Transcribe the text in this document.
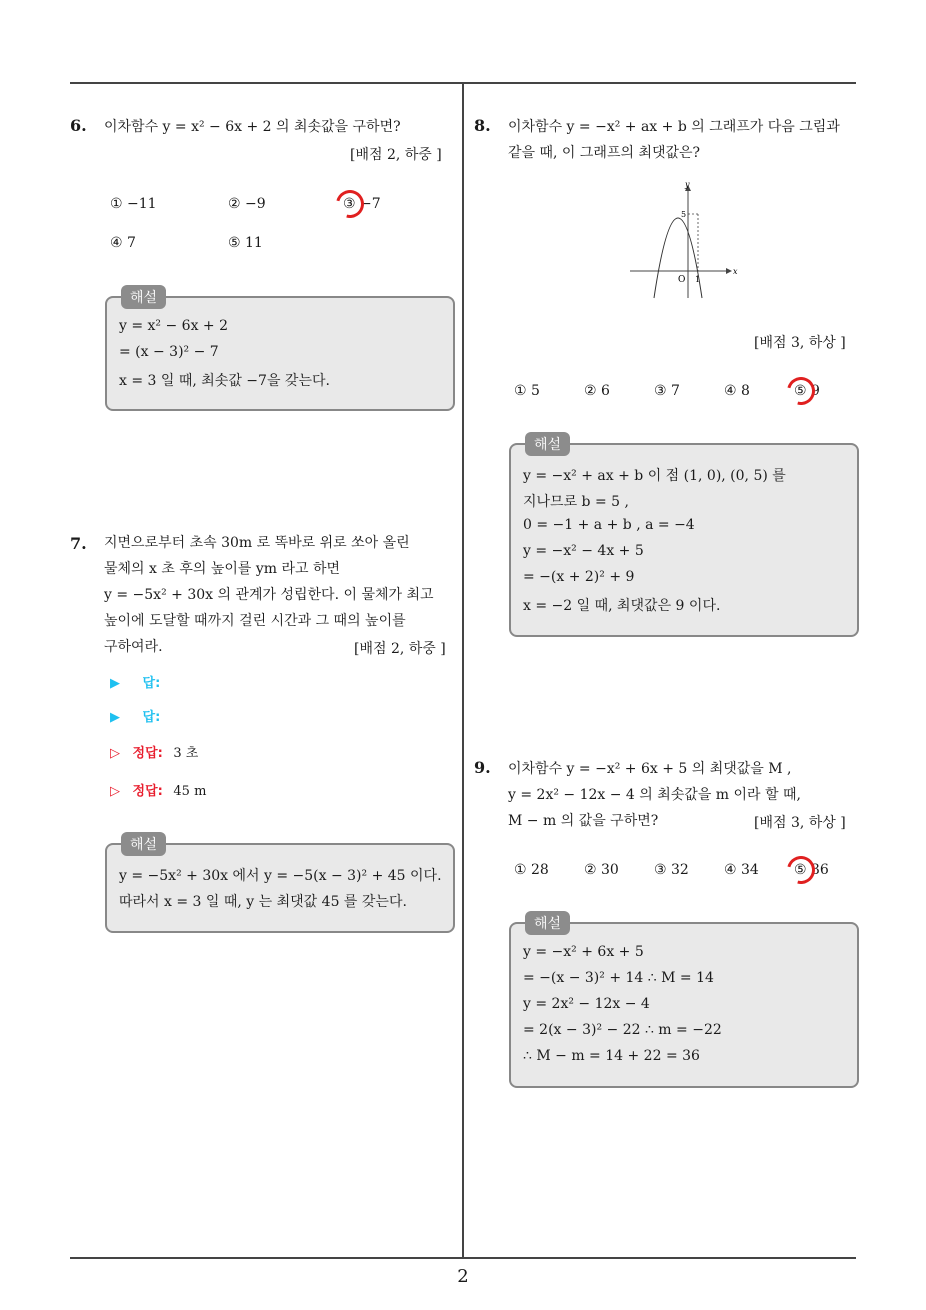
6. 이차함수 y = x² − 6x + 2 의 최솟값을 구하면?
[배점 2, 하중 ]
① −11	② −9	③ −7
④ 7	⑤ 11
해설
y = x² − 6x + 2
= (x − 3)² − 7
x = 3 일 때, 최솟값 −7을 갖는다.
7. 지면으로부터 초속 30m 로 똑바로 위로 쏘아 올린
물체의 x 초 후의 높이를 ym 라고 하면
y = −5x² + 30x 의 관계가 성립한다. 이 물체가 최고
높이에 도달할 때까지 걸린 시간과 그 때의 높이를
구하여라.	[배점 2, 하중 ]
▶ 답:
▶ 답:
▷ 정답: 3 초
▷ 정답: 45 m
해설
y = −5x² + 30x 에서 y = −5(x − 3)² + 45 이다.
따라서 x = 3 일 때, y 는 최댓값 45 를 갖는다.
8. 이차함수 y = −x² + ax + b 의 그래프가 다음 그림과
같을 때, 이 그래프의 최댓값은?
y
x
O 1
5
[배점 3, 하상 ]
① 5	② 6	③ 7	④ 8	⑤ 9
해설
y = −x² + ax + b 이 점 (1, 0), (0, 5) 를
지나므로 b = 5 ,
0 = −1 + a + b , a = −4
y = −x² − 4x + 5
= −(x + 2)² + 9
x = −2 일 때, 최댓값은 9 이다.
9. 이차함수 y = −x² + 6x + 5 의 최댓값을 M ,
y = 2x² − 12x − 4 의 최솟값을 m 이라 할 때,
M − m 의 값을 구하면?	[배점 3, 하상 ]
① 28	② 30	③ 32	④ 34	⑤ 36
해설
y = −x² + 6x + 5
= −(x − 3)² + 14 ∴ M = 14
y = 2x² − 12x − 4
= 2(x − 3)² − 22 ∴ m = −22
∴ M − m = 14 + 22 = 36
2
